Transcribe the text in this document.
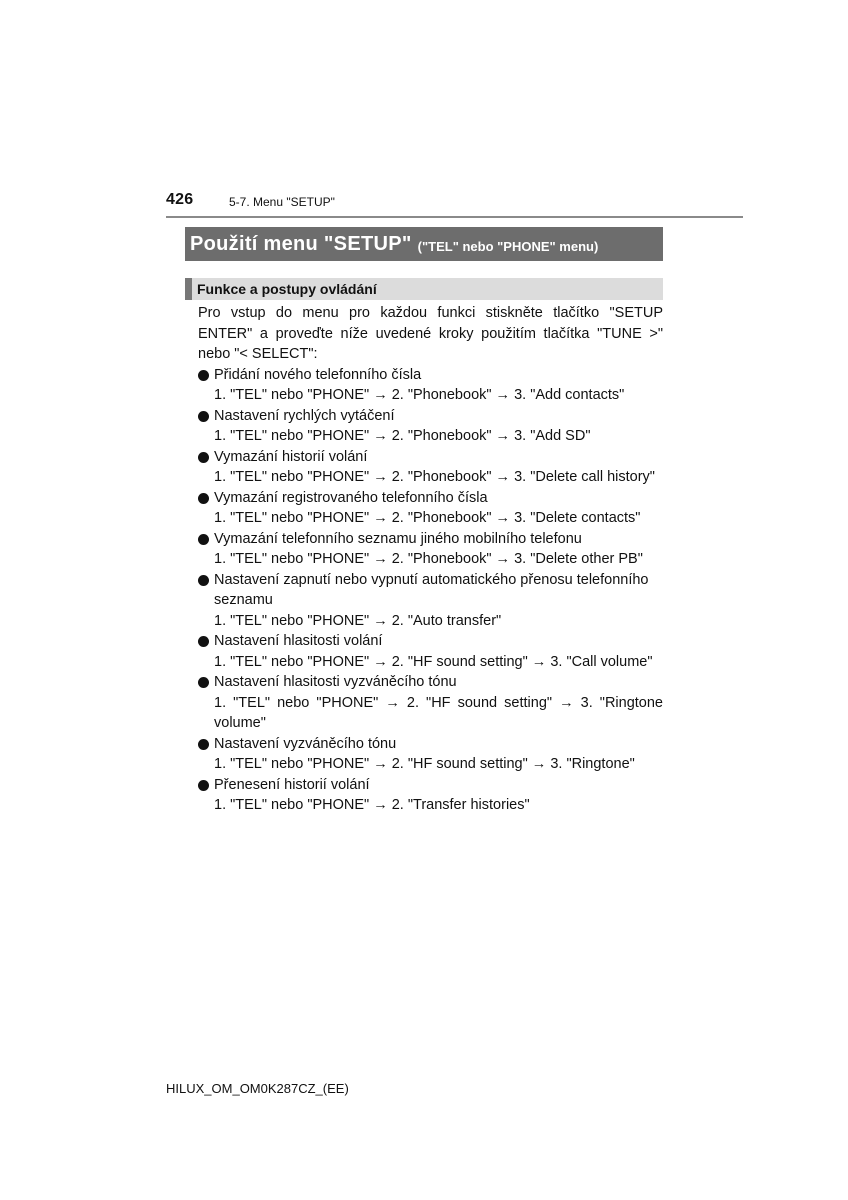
426	5-7. Menu "SETUP"
Použití menu "SETUP" ("TEL" nebo "PHONE" menu)
Funkce a postupy ovládání

Pro vstup do menu pro každou funkci stiskněte tlačítko "SETUP ENTER" a proveďte níže uvedené kroky použitím tlačítka "TUNE >" nebo "< SELECT":

Přidání nového telefonního čísla
1. "TEL" nebo "PHONE" → 2. "Phonebook" → 3. "Add contacts"
Nastavení rychlých vytáčení
1. "TEL" nebo "PHONE" → 2. "Phonebook" → 3. "Add SD"
Vymazání historií volání
1. "TEL" nebo "PHONE" → 2. "Phonebook" → 3. "Delete call history"
Vymazání registrovaného telefonního čísla
1. "TEL" nebo "PHONE" → 2. "Phonebook" → 3. "Delete contacts"
Vymazání telefonního seznamu jiného mobilního telefonu
1. "TEL" nebo "PHONE" → 2. "Phonebook" → 3. "Delete other PB"
Nastavení zapnutí nebo vypnutí automatického přenosu telefonního seznamu
1. "TEL" nebo "PHONE" → 2. "Auto transfer"
Nastavení hlasitosti volání
1. "TEL" nebo "PHONE" → 2. "HF sound setting" → 3. "Call volume"
Nastavení hlasitosti vyzváněcího tónu
1. "TEL" nebo "PHONE" → 2. "HF sound setting" → 3. "Ringtone volume"
Nastavení vyzváněcího tónu
1. "TEL" nebo "PHONE" → 2. "HF sound setting" → 3. "Ringtone"
Přenesení historií volání
1. "TEL" nebo "PHONE" → 2. "Transfer histories"
HILUX_OM_OM0K287CZ_(EE)
